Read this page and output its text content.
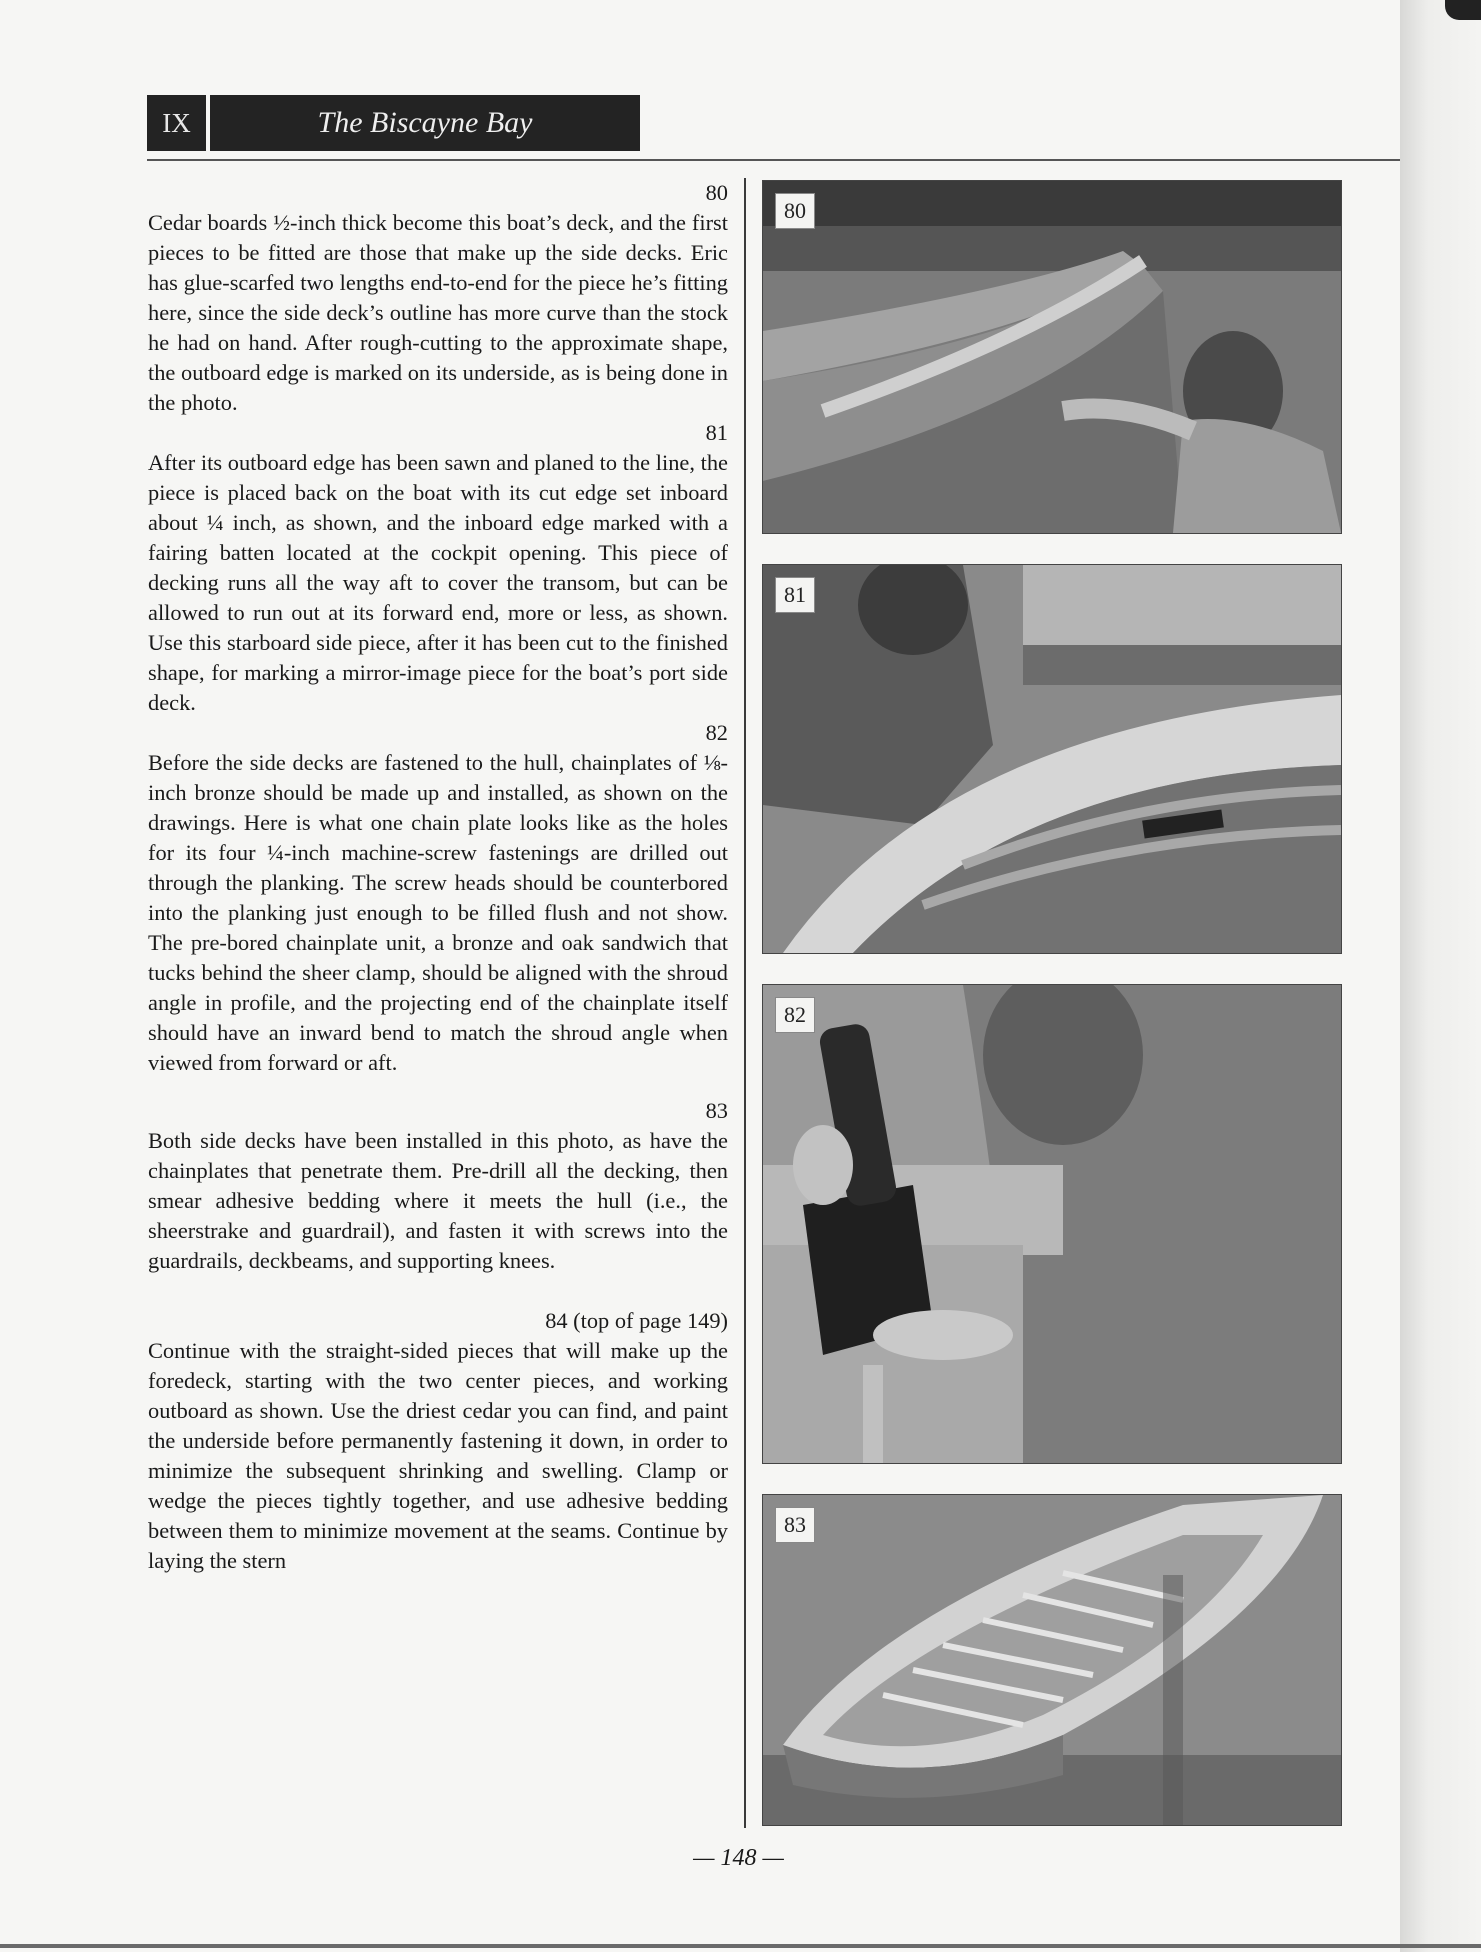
IX	The Biscayne Bay

80

Cedar boards ½-inch thick become this boat’s deck, and the first pieces to be fitted are those that make up the side decks. Eric has glue-scarfed two lengths end-to-end for the piece he’s fitting here, since the side deck’s outline has more curve than the stock he had on hand. After rough-cutting to the approximate shape, the outboard edge is marked on its underside, as is being done in the photo.

81

After its outboard edge has been sawn and planed to the line, the piece is placed back on the boat with its cut edge set inboard about ¼ inch, as shown, and the inboard edge marked with a fairing batten located at the cockpit opening. This piece of decking runs all the way aft to cover the transom, but can be allowed to run out at its forward end, more or less, as shown. Use this starboard side piece, after it has been cut to the finished shape, for marking a mirror-image piece for the boat’s port side deck.

82

Before the side decks are fastened to the hull, chainplates of ⅛-inch bronze should be made up and installed, as shown on the drawings. Here is what one chain plate looks like as the holes for its four ¼-inch machine-screw fastenings are drilled out through the planking. The screw heads should be counterbored into the planking just enough to be filled flush and not show. The pre-bored chainplate unit, a bronze and oak sandwich that tucks behind the sheer clamp, should be aligned with the shroud angle in profile, and the projecting end of the chainplate itself should have an inward bend to match the shroud angle when viewed from forward or aft.

83

Both side decks have been installed in this photo, as have the chainplates that penetrate them. Pre-drill all the decking, then smear adhesive bedding where it meets the hull (i.e., the sheerstrake and guardrail), and fasten it with screws into the guardrails, deckbeams, and supporting knees.

84 (top of page 149)

Continue with the straight-sided pieces that will make up the foredeck, starting with the two center pieces, and working outboard as shown. Use the driest cedar you can find, and paint the underside before permanently fastening it down, in order to minimize the subsequent shrinking and swelling. Clamp or wedge the pieces tightly together, and use adhesive bedding between them to minimize movement at the seams. Continue by laying the stern

80
81
82
83
— 148 —
